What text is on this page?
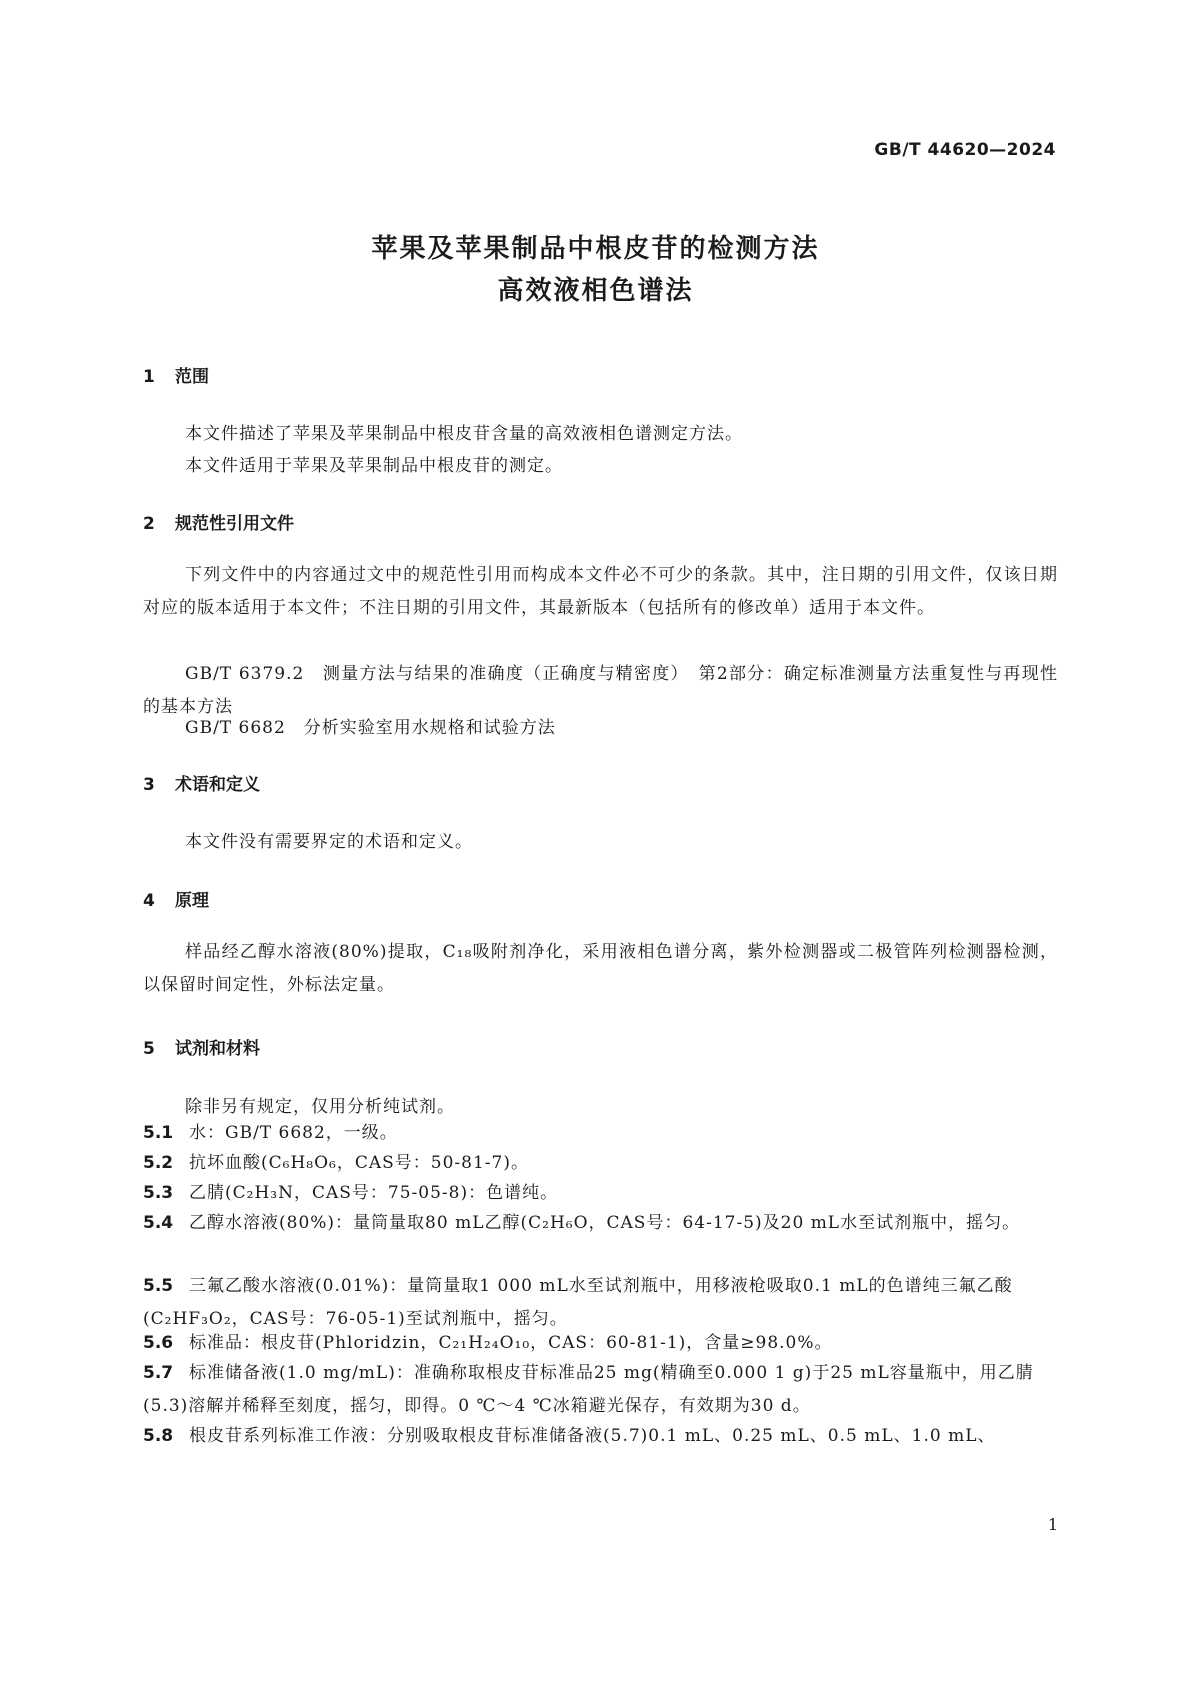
GB/T 44620—2024
苹果及苹果制品中根皮苷的检测方法
高效液相色谱法
1 范围
本文件描述了苹果及苹果制品中根皮苷含量的高效液相色谱测定方法。
本文件适用于苹果及苹果制品中根皮苷的测定。
2 规范性引用文件
下列文件中的内容通过文中的规范性引用而构成本文件必不可少的条款。其中，注日期的引用文件，仅该日期对应的版本适用于本文件；不注日期的引用文件，其最新版本（包括所有的修改单）适用于本文件。
GB/T 6379.2　测量方法与结果的准确度（正确度与精密度）　第2部分：确定标准测量方法重复性与再现性的基本方法
GB/T 6682　分析实验室用水规格和试验方法
3 术语和定义
本文件没有需要界定的术语和定义。
4 原理
样品经乙醇水溶液(80%)提取，C₁₈吸附剂净化，采用液相色谱分离，紫外检测器或二极管阵列检测器检测，以保留时间定性，外标法定量。
5 试剂和材料
除非另有规定，仅用分析纯试剂。
5.1 水：GB/T 6682，一级。
5.2 抗坏血酸(C₆H₈O₆，CAS号：50-81-7)。
5.3 乙腈(C₂H₃N，CAS号：75-05-8)：色谱纯。
5.4 乙醇水溶液(80%)：量筒量取80 mL乙醇(C₂H₆O，CAS号：64-17-5)及20 mL水至试剂瓶中，摇匀。
5.5 三氟乙酸水溶液(0.01%)：量筒量取1 000 mL水至试剂瓶中，用移液枪吸取0.1 mL的色谱纯三氟乙酸(C₂HF₃O₂，CAS号：76-05-1)至试剂瓶中，摇匀。
5.6 标准品：根皮苷(Phloridzin，C₂₁H₂₄O₁₀，CAS：60-81-1)，含量≥98.0%。
5.7 标准储备液(1.0 mg/mL)：准确称取根皮苷标准品25 mg(精确至0.000 1 g)于25 mL容量瓶中，用乙腈(5.3)溶解并稀释至刻度，摇匀，即得。0 ℃～4 ℃冰箱避光保存，有效期为30 d。
5.8 根皮苷系列标准工作液：分别吸取根皮苷标准储备液(5.7)0.1 mL、0.25 mL、0.5 mL、1.0 mL、
1
